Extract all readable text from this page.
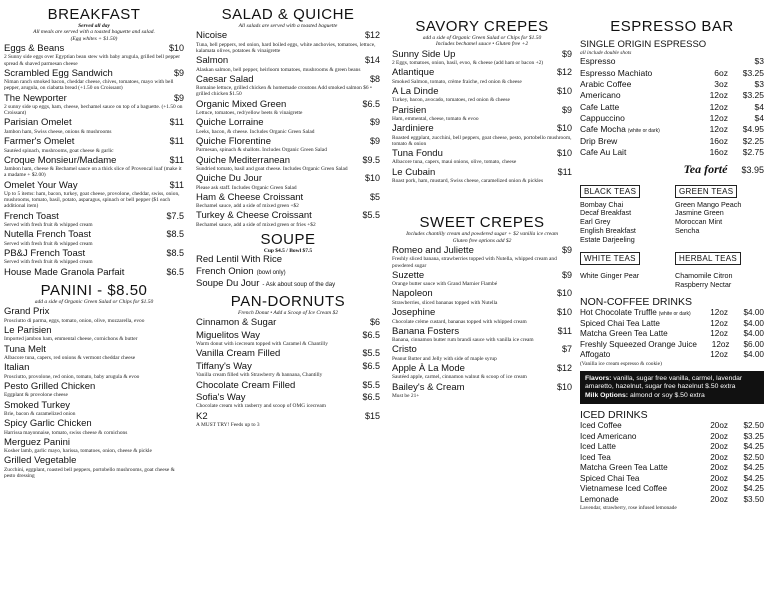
BREAKFAST
Served all day
All meals are served with a toasted baguette and salad.
(Egg whites + $1.50)
Eggs & Beans	$10
2 Sunny side eggs over Egyptian bean stew with baby arugula, grilled bell pepper spread & shaved parmesan cheese
Scrambled Egg Sandwich	$9
Niman ranch smoked bacon, cheddar cheese, chives, tomatoes, mayo with bell pepper, arugula, on ciabatta bread (+1.50 on Croissant)
The Newporter	$9
2 sunny side up eggs, ham, cheese, bechamel sauce on top of a baguette. (+1.50 on Croissant)
Parisian Omelet	$11
Jambon ham, Swiss cheese, onions & mushrooms
Farmer's Omelet	$11
Sautéed spinach, mushrooms, goat cheese & garlic
Croque Monsieur/Madame	$11
Jambon ham, cheese & Bechamel sauce on a thick slice of Provencal loaf (make it a madame + $2.00)
Omelet Your Way	$11
Up to 5 items: ham, bacon, turkey, goat cheese, provolone, cheddar, swiss, onion, mushrooms, tomato, basil, potato, asparagus, spinach or bell pepper ($1 each additional item)
French Toast	$7.5
Served with fresh fruit & whipped cream
Nutella French Toast	$8.5
Served with fresh fruit & whipped cream
PB&J French Toast	$8.5
Served with fresh fruit & whipped cream
House Made Granola Parfait	$6.5
PANINI - $8.50
add a side of Organic Green Salad or Chips for $1.50
Grand Prix
Prosciutto di parma, eggs, tomato, onion, olive, mozzarella, evoo
Le Parisien
Imported jambon ham, emmental cheese, cornichons & butter
Tuna Melt
Albacore tuna, capers, red onions & vermont cheddar cheese
Italian
Prosciutto, provolone, red onion, tomato, baby arugula & evoo
Pesto Grilled Chicken
Eggplant & provolone cheese
Smoked Turkey
Brie, bacon & caramelized onion
Spicy Garlic Chicken
Harrissa mayonnaise, tomato, swiss cheese & cornichons
Merguez Panini
Kosher lamb, garlic mayo, harissa, tomatoes, onion, cheese & pickle
Grilled Vegetable
Zucchini, eggplant, roasted bell peppers, portobello mushrooms, goat cheese & pesto dressing
SALAD & QUICHE
All salads are served with a toasted baguette
Nicoise	$12
Tuna, bell peppers, red onion, hard boiled eggs, white anchovies, tomatoes, lettuce, kalamata olives, potatoes & vinaigrette
Salmon	$14
Alaskan salmon, bell pepper, heirloom tomatoes, mushrooms & green beans
Caesar Salad	$8
Romaine lettuce, grilled chicken & homemade croutons Add smoked salmon $6 • grilled chicken $1.50
Organic Mixed Green	$6.5
Lettuce, tomatoes, red/yellow beets & vinaigrette
Quiche Lorraine	$9
Leeks, bacon, & cheese. Includes Organic Green Salad
Quiche Florentine	$9
Parmesan, spinach & shallots. Includes Organic Green Salad
Quiche Mediterranean	$9.5
Sundried tomato, basil and goat cheese. Includes Organic Green Salad
Quiche Du Jour	$10
Please ask staff. Includes Organic Green Salad
Ham & Cheese Croissant	$5
Bechamel sauce, add a side of mixed green +$2
Turkey & Cheese Croissant	$5.5
Bechamel sauce, add a side of mixed green or fries +$2
SOUPE
Cup $4.5 / Bowl $7.5
Red Lentil With Rice
French Onion (bowl only)
Soupe Du Jour - Ask about soup of the day
PAN-DORNUTS
French Donut • Add a Scoop of Ice Cream $2
Cinnamon & Sugar	$6
Miguelitos Way	$6.5
Warm donut with icecream topped with Caramel & Chantilly
Vanilla Cream Filled	$5.5
Tiffany's Way	$6.5
Vanilla cream filled with Strawberry & bannana, Chantilly
Chocolate Cream Filled	$5.5
Sofia's Way	$6.5
Chocolate cream with rasberry and scoop of OMG icecream
K2	$15
A MUST TRY! Feeds up to 3
SAVORY CREPES
add a side of Organic Green Salad or Chips for $1.50
Includes bechamel sauce • Gluten free +2
Sunny Side Up	$9
2 Eggs, tomatoes, onion, basil, evoo, & cheese (add ham or bacon +2)
Atlantique	$12
Smoked Salmon, tomato, crème fraiche, red onion & cheese
A La Dinde	$10
Turkey, bacon, avocado, tomatoes, red onion & cheese
Parisien	$9
Ham, emmental, cheese, tomato & evoo
Jardiniere	$10
Roasted eggplant, zucchini, bell peppers, goat cheese, pesto, portobello mushroom, tomato & onion
Tuna Fondu	$10
Albacore tuna, capers, maui onions, olive, tomato, cheese
Le Cubain	$11
Roast pork, ham, mustard, Swiss cheese, caramelized onion & pickles
SWEET CREPES
Includes chantilly cream and powdered sugar + $2 vanilla ice cream
Gluten free options add $2
Romeo and Juliette	$9
Freshly sliced banana, strawberries topped with Nutella, whipped cream and powdered sugar
Suzette	$9
Orange butter sauce with Grand Marnier Flambé
Napoleon	$10
Strawberries, sliced bananas topped with Nutella
Josephine	$10
Chocolate crème custard, bananas topped with whipped cream
Banana Fosters	$11
Banana, cinnamon butter rum brandi sauce with vanilla ice cream
Cristo	$7
Peanut Butter and Jelly with side of maple syrup
Apple À La Mode	$12
Sautéed apple, carmel, cinnamon walnut & scoop of ice cream
Bailey's & Cream	$10
Must be 21+
ESPRESSO BAR
SINGLE ORIGIN ESPRESSO
all include double shots
Espresso	$3
Espresso Machiato	6oz	$3.25
Arabic Coffee	3oz	$3
Americano	12oz	$3.25
Cafe Latte	12oz	$4
Cappuccino	12oz	$4
Cafe Mocha (white or dark)	12oz	$4.95
Drip Brew	16oz	$2.25
Cafe Au Lait	16oz	$2.75
Tea forté $3.95
BLACK TEAS
Bombay Chai
Decaf Breakfast
Earl Grey
English Breakfast
Estate Darjeeling
GREEN TEAS
Green Mango Peach
Jasmine Green
Moroccan Mint
Sencha
WHITE TEAS
White Ginger Pear
HERBAL TEAS
Chamomile Citron
Raspberry Nectar
NON-COFFEE DRINKS
Hot Chocolate Truffle (white or dark)	12oz	$4.00
Spiced Chai Tea Latte	12oz	$4.00
Matcha Green Tea Latte	12oz	$4.00
Freshly Squeezed Orange Juice	12oz	$6.00
Affogato	12oz	$4.00
(Vanilla ice cream espresso & cookie)
Flavors: vanilla, sugar free vanilla, carmel, lavendar amaretto, hazelnut, sugar free hazelnut $.50 extra
Milk Options: almond or soy $.50 extra
ICED DRINKS
Iced Coffee	20oz	$2.50
Iced Americano	20oz	$3.25
Iced Latte	20oz	$4.25
Iced Tea	20oz	$2.50
Matcha Green Tea Latte	20oz	$4.25
Spiced Chai Tea	20oz	$4.25
Vietnamese Iced Coffee	20oz	$4.25
Lemonade	20oz	$3.50
Lavendar, strawberry, rose infused lemonade
